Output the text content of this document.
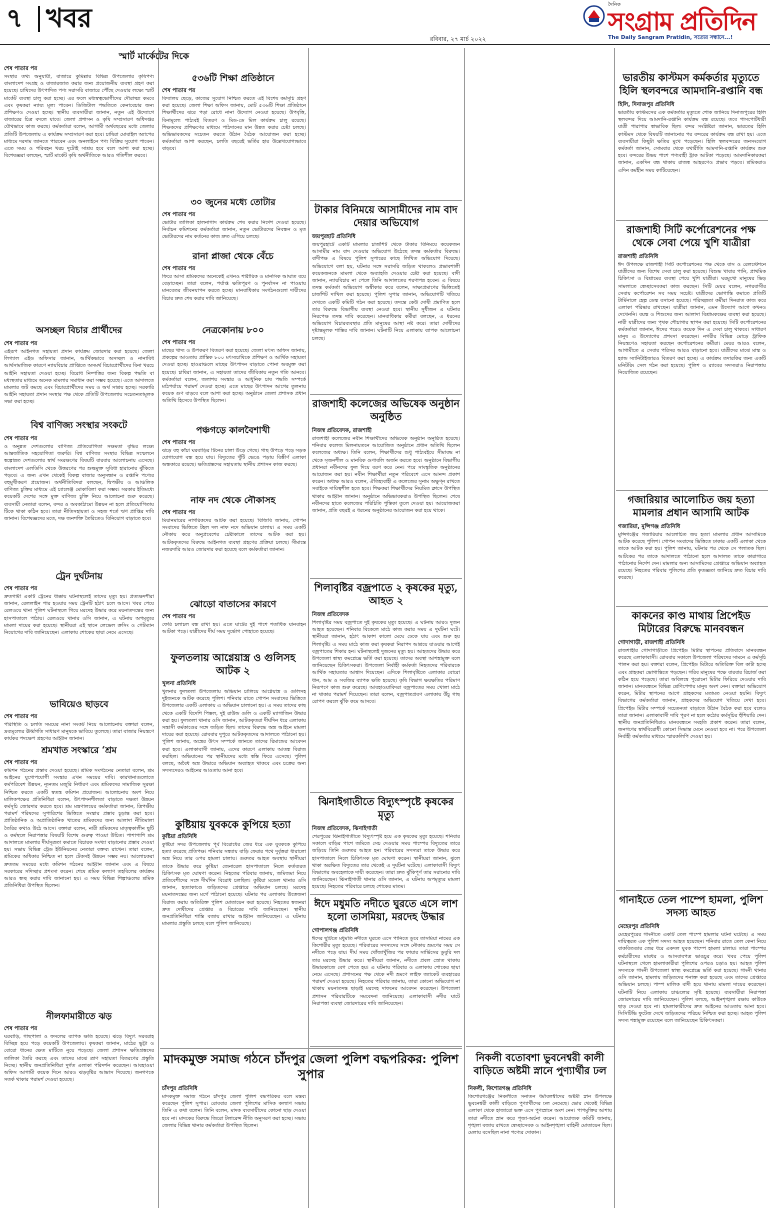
৭ খবর
রবিবার, ২৭ মার্চ ২০২২
দৈনিক
সংগ্রাম প্রতিদিন
The Daily Sangram Pratidin, সত্যের সন্ধানে...!
স্মার্ট মার্কেটের দিকে
শেষ পাতার পর
সংস্থার তথ্য অনুযায়ী, বাজারে কুমিল্লার বিভিন্ন উপজেলার কৃষিপণ্য বাংলাদেশ সংগ্রহ ও বাজারজাত করার জন্য প্রয়োজনীয় ব্যবস্থা গ্রহণ করা হয়েছে। চাষিদের উৎপাদিত পণ্য সরাসরি বাজারে পৌঁছে দেওয়ার লক্ষ্যে স্মার্ট মার্কেট ব্যবস্থা চালু করা হচ্ছে। এর ফলে মধ্যস্বত্বভোগীদের দৌরাত্ম্য কমবে এবং কৃষকরা ন্যায্য মূল্য পাবেন। ডিজিটাল পদ্ধতিতে কেনাবেচার জন্য প্রশিক্ষণও দেওয়া হচ্ছে। স্থানীয় ব্যবসায়ীরা জানান, নতুন এই উদ্যোগে বাজারের চিত্র বদলে যাবে। জেলা প্রশাসন ও কৃষি সম্প্রসারণ অধিদপ্তর যৌথভাবে কাজ করছে। কর্মকর্তারা বলেন, আগামী অর্থবছরের মধ্যে জেলার প্রতিটি উপজেলায় এ কার্যক্রম সম্প্রসারণ করা হবে। চাষিরা মোবাইল অ্যাপের মাধ্যমে দরদাম জানতে পারবেন এবং অনলাইনে পণ্য বিক্রির সুযোগ পাবেন। এতে সময় ও পরিবহন খরচ দুটোই সাশ্রয় হবে বলে আশা করা হচ্ছে। বিশেষজ্ঞরা বলছেন, স্মার্ট মার্কেট কৃষি অর্থনীতিকে আরও গতিশীল করবে।
অসচ্ছল বিচার প্রার্থীদের
শেষ পাতার পর
এইরূপ আইনগত সহায়তা প্রদান কার্যক্রম জোরদার করা হয়েছে। জেলা লিগ্যাল এইড অফিসার জানান, আর্থিকভাবে অসচ্ছল ও নানাবিধ আর্থসামাজিক কারণে ন্যায়বিচার প্রাপ্তিতে অসমর্থ বিচারপ্রার্থীদের বিনা খরচে আইনি সহায়তা দেওয়া হচ্ছে। বিরোধ নিষ্পত্তির জন্য বিকল্প পদ্ধতি বা মধ্যস্থতার মাধ্যমে অনেক মামলার সমাধান করা সম্ভব হয়েছে। এতে আদালতে মামলার জট কমছে এবং বিচারপ্রার্থীদের সময় ও অর্থ সাশ্রয় হচ্ছে। সরকারি আইনি সহায়তা প্রদান সংস্থার পক্ষ থেকে প্রতিটি উপজেলায় সচেতনতামূলক সভা করা হচ্ছে।
বিশ্ব বাণিজ্য সংস্থার সংকটে
শেষ পাতার পর
ও অনুন্নত দেশগুলোর বাণিজ্য প্রতিযোগিতা সক্ষমতা বৃদ্ধির লক্ষ্যে আন্তর্জাতিক সহযোগিতা জরুরি। বিশ্ব বাণিজ্য সংস্থার বিভিন্ন সম্মেলনে স্বল্পোন্নত দেশগুলোর স্বার্থ সংরক্ষণের বিষয়টি বারবার আলোচনায় এসেছে। বাংলাদেশ এলডিসি থেকে উত্তরণের পর শুল্কমুক্ত সুবিধা হারানোর ঝুঁকিতে পড়বে। এ জন্য এখন থেকেই বিকল্প বাজার অনুসন্ধান ও রপ্তানি পণ্যের বহুমুখীকরণ প্রয়োজন। অর্থনীতিবিদরা বলছেন, দ্বিপক্ষীয় ও আঞ্চলিক বাণিজ্য চুক্তির মাধ্যমে এই চ্যালেঞ্জ মোকাবিলা করা সম্ভব। সরকার ইতিমধ্যে কয়েকটি দেশের সঙ্গে মুক্ত বাণিজ্য চুক্তি নিয়ে আলোচনা শুরু করেছে। ব্যবসায়ী নেতারা বলেন, বন্দর ও অবকাঠামো উন্নয়ন না হলে প্রতিযোগিতায় টিকে থাকা কঠিন হবে। তারা নীতিসহায়তা ও সহজ শর্তে ঋণ প্রাপ্তির দাবি জানান। বিশেষজ্ঞদের মতে, দক্ষ জনশক্তি তৈরিতেও বিনিয়োগ বাড়াতে হবে।
ট্রেন দুর্ঘটনায়
শেষ পাতার পর
দ্রুতগামী একটি ট্রেনের ধাক্কায় ঘটনাস্থলেই তাদের মৃত্যু হয়। প্রত্যক্ষদর্শীরা জানান, রেললাইন পার হওয়ার সময় ট্রেনটি হঠাৎ চলে আসে। খবর পেয়ে রেলওয়ে থানা পুলিশ ঘটনাস্থলে গিয়ে মরদেহ উদ্ধার করে ময়নাতদন্তের জন্য হাসপাতালে পাঠায়। রেলওয়ে থানার ওসি জানান, এ ঘটনায় অপমৃত্যুর মামলা দায়ের করা হয়েছে। স্থানীয়রা এই স্থানে লেভেল ক্রসিং ও গেটম্যান নিয়োগের দাবি জানিয়েছেন। এলাকায় শোকের ছায়া নেমে এসেছে।
ভাবিয়েও ছাড়বে
শেষ পাতার পর
পরিস্থিতি ও চলতি সময়ের নানা সংকট নিয়ে আলোচনায় বক্তারা বলেন, দ্রব্যমূল্যের ঊর্ধ্বগতি সাধারণ মানুষকে ভাবিয়ে তুলেছে। তারা বাজার নিয়ন্ত্রণে কার্যকর পদক্ষেপ গ্রহণের আহ্বান জানান।
শ্রমখাত সংস্কারে ‘শ্রম
শেষ পাতার পর
কমিশন গঠনের প্রস্তাব দেওয়া হয়েছে। শ্রমিক সংগঠনের নেতারা বলেন, শ্রম আইনের যুগোপযোগী সংস্কার এখন সময়ের দাবি। কারখানাগুলোতে কর্মপরিবেশ উন্নয়ন, ন্যূনতম মজুরি নির্ধারণ এবং শ্রমিকদের সামাজিক সুরক্ষা নিশ্চিত করতে একটি স্বতন্ত্র কমিশন প্রয়োজন। আলোচনায় অংশ নিয়ে মালিকপক্ষের প্রতিনিধিরা বলেন, উৎপাদনশীলতা বাড়াতে দক্ষতা উন্নয়ন কর্মসূচি জোরদার করতে হবে। শ্রম মন্ত্রণালয়ের কর্মকর্তারা জানান, ত্রিপক্ষীয় পরামর্শ পরিষদের সুপারিশের ভিত্তিতে সংস্কার প্রস্তাব চূড়ান্ত করা হবে। প্রাতিষ্ঠানিক ও অপ্রাতিষ্ঠানিক খাতের শ্রমিকদের জন্য আলাদা নীতিমালা তৈরির কথাও উঠে আসে। বক্তারা বলেন, নারী শ্রমিকদের মাতৃত্বকালীন ছুটি ও কর্মস্থলে নিরাপত্তার বিষয়টি বিশেষ গুরুত্ব পাওয়া উচিত। পাশাপাশি শ্রম আদালতে মামলার দীর্ঘসূত্রতা কমাতে বিচারক সংখ্যা বাড়ানোর প্রস্তাব দেওয়া হয়। সভায় বিভিন্ন ট্রেড ইউনিয়নের নেতারা বক্তব্য রাখেন। তারা বলেন, শ্রমিকের অধিকার নিশ্চিত না হলে টেকসই উন্নয়ন সম্ভব নয়। আলোচকরা দ্রুততম সময়ের মধ্যে কমিশন গঠনের আহ্বান জানান এবং এ বিষয়ে সরকারের সদিচ্ছার প্রশংসা করেন। শেষে শ্রমিক কল্যাণ তহবিলের কার্যক্রম আরও স্বচ্ছ করার দাবি জানানো হয়। এ সময় বিভিন্ন শিল্পাঞ্চলের শ্রমিক প্রতিনিধিরা উপস্থিত ছিলেন।
নীলফামারীতে ঝড়
শেষ পাতার পর
ঘরবাড়ি, গাছপালা ও ফসলের ব্যাপক ক্ষতি হয়েছে। ঝড়ে বিদ্যুৎ সরবরাহ বিচ্ছিন্ন হয়ে পড়ে কয়েকটি উপজেলায়। কৃষকরা জানান, মাঠের ভুট্টা ও বোরো ধানের ক্ষেত মাটিতে নুয়ে পড়েছে। জেলা প্রশাসন ক্ষতিগ্রস্তদের তালিকা তৈরি করছে এবং তাদের মাঝে ত্রাণ সহায়তা বিতরণের প্রস্তুতি নিচ্ছে। স্থানীয় জনপ্রতিনিধিরা দুর্গত এলাকা পরিদর্শন করেছেন। আবহাওয়া অফিস আগামী কয়েক দিনে আরও ঝড়বৃষ্টির আভাস দিয়েছে। জনগণকে সতর্ক থাকার পরামর্শ দেওয়া হয়েছে।
৫৩৬টি শিক্ষা প্রতিষ্ঠানে
শেষ পাতার পর
বিদ্যালয় ছেড়ে, কাজের সুযোগ নিশ্চিত করতে এই বিশেষ কর্মসূচি গ্রহণ করা হয়েছে। জেলা শিক্ষা অফিস জানায়, মোট ৫৩৬টি শিক্ষা প্রতিষ্ঠানে শিক্ষার্থীদের ঝরে পড়া রোধে নানা উদ্যোগ নেওয়া হয়েছে। উপবৃত্তি, বিনামূল্যে পাঠ্যবই বিতরণ ও মিড-ডে মিল কার্যক্রম চালু রয়েছে। শিক্ষকদের প্রশিক্ষণের মাধ্যমে পাঠদানের মান উন্নত করার চেষ্টা চলছে। অভিভাবকদের সচেতন করতে উঠান বৈঠক আয়োজন করা হচ্ছে। কর্মকর্তারা আশা করছেন, চলতি বছরেই ভর্তির হার উল্লেখযোগ্যভাবে বাড়বে।
৩০ জুনের মধ্যে তোটার
শেষ পাতার পর
ভোটার তালিকা হালনাগাদ কার্যক্রম শেষ করার নির্দেশ দেওয়া হয়েছে। নির্বাচন কমিশনের কর্মকর্তারা জানান, নতুন ভোটারদের নিবন্ধন ও মৃত ভোটারদের নাম কর্তনের কাজ দ্রুত এগিয়ে চলছে।
রানা প্লাজা থেকে বেঁচে
শেষ পাতার পর
ফিরে আসা শ্রমিকদের অনেকেই এখনও শারীরিক ও মানসিক আঘাত বয়ে বেড়াচ্ছেন। তারা বলেন, পর্যাপ্ত ক্ষতিপূরণ ও পুনর্বাসন না পাওয়ায় মানবেতর জীবনযাপন করতে হচ্ছে। মানবাধিকার সংগঠনগুলো দায়ীদের বিচার দ্রুত শেষ করার দাবি জানিয়েছে।
নেত্রকোনায় ৮০০
শেষ পাতার পর
মাছের খাদ্য ও উপকরণ বিতরণ করা হয়েছে। জেলা মৎস্য অফিস জানায়, প্রকল্পের আওতায় প্রান্তিক ৮০০ মৎস্যচাষিকে প্রশিক্ষণ ও আর্থিক সহায়তা দেওয়া হচ্ছে। হাওরাঞ্চলে মাছের উৎপাদন বাড়াতে পোনা অবমুক্ত করা হয়েছে। চাষিরা জানান, এ সহায়তা তাদের জীবিকায় নতুন গতি আনবে। কর্মকর্তারা বলেন, জলাশয় সংস্কার ও আধুনিক চাষ পদ্ধতি সম্পর্কে মাঠপর্যায়ে পরামর্শ দেওয়া হচ্ছে। এতে মাছের উৎপাদন আগের তুলনায় কয়েক গুণ বাড়বে বলে আশা করা হচ্ছে। অনুষ্ঠানে জেলা প্রশাসক প্রধান অতিথি হিসেবে উপস্থিত ছিলেন।
পঞ্চগড়ে কালবৈশাখী
শেষ পাতার পর
ঝড়ে বহু কাঁচা ঘরবাড়ির টিনের চালা উড়ে গেছে। গাছ উপড়ে পড়ে সড়ক যোগাযোগ বন্ধ হয়ে যায়। বিদ্যুতের খুঁটি ভেঙে পড়ায় বিস্তীর্ণ এলাকা অন্ধকারে রয়েছে। ক্ষতিগ্রস্তদের সহায়তায় স্থানীয় প্রশাসন কাজ করছে।
নাফ নদ থেকে নৌকাসহ
শেষ পাতার পর
মিয়ানমারের নাগরিকদের আটক করা হয়েছে। বিজিবি জানায়, গোপন সংবাদের ভিত্তিতে টহল দল নাফ নদে অভিযান চালায়। এ সময় একটি নৌকায় করে অনুপ্রবেশের চেষ্টাকালে তাদের আটক করা হয়। আটককৃতদের বিরুদ্ধে আইনগত ব্যবস্থা গ্রহণের প্রক্রিয়া চলছে। সীমান্তে নজরদারি আরও জোরদার করা হয়েছে বলে কর্মকর্তারা জানান।
ঝোড়ো বাতাসের কারণে
শেষ পাতার পর
ফেরি চলাচল বন্ধ রাখা হয়। এতে ঘাটের দুই পাশে শতাধিক যানবাহন আটকা পড়ে। যাত্রীদের দীর্ঘ সময় দুর্ভোগ পোহাতে হয়েছে।
ফুলতলায় আগ্নেয়াস্ত্র ও গুলিসহ আটক ২
খুলনা প্রতিনিধি
খুলনার ফুলতলা উপজেলায় অভিযান চালিয়ে আগ্নেয়াস্ত্র ও গুলিসহ দুইজনকে আটক করেছে পুলিশ। শনিবার রাতে গোপন সংবাদের ভিত্তিতে উপজেলার একটি এলাকায় এ অভিযান চালানো হয়। এ সময় তাদের কাছ থেকে একটি বিদেশি পিস্তল, দুই রাউন্ড গুলি ও একটি ম্যাগাজিন উদ্ধার করা হয়। ফুলতলা থানার ওসি জানান, আটককৃতরা দীর্ঘদিন ধরে এলাকায় সন্ত্রাসী কর্মকাণ্ডের সঙ্গে জড়িত ছিল। তাদের বিরুদ্ধে অস্ত্র আইনে মামলা দায়ের করা হয়েছে। রোববার দুপুরে আটককৃতদের আদালতে পাঠানো হয়। পুলিশ জানায়, অস্ত্রের উৎস সম্পর্কে জানতে তাদের রিমান্ডের আবেদন করা হবে। এলাকাবাসী জানায়, এদের কারণে এলাকায় আতঙ্ক বিরাজ করছিল। অভিযানের পর স্থানীয়দের মধ্যে স্বস্তি ফিরে এসেছে। পুলিশ বলছে, অবৈধ অস্ত্র উদ্ধারে অভিযান অব্যাহত থাকবে এবং চক্রের অন্য সদস্যদেরও আইনের আওতায় আনা হবে।
কুষ্টিয়ায় যুবককে কুপিয়ে হত্যা
কুষ্টিয়া প্রতিনিধি
কুষ্টিয়া সদর উপজেলায় পূর্ব বিরোধের জের ধরে এক যুবককে কুপিয়ে হত্যা করেছে প্রতিপক্ষ। শনিবার সন্ধ্যায় বাড়ি ফেরার পথে দুর্বৃত্তরা ধারালো অস্ত্র নিয়ে তার ওপর হামলা চালায়। গুরুতর আহত অবস্থায় স্থানীয়রা তাকে উদ্ধার করে কুষ্টিয়া জেনারেল হাসপাতালে নিলে কর্তব্যরত চিকিৎসক মৃত ঘোষণা করেন। নিহতের পরিবার জানায়, জমিজমা নিয়ে প্রতিবেশীদের সঙ্গে দীর্ঘদিন বিরোধ চলছিল। কুষ্টিয়া মডেল থানার ওসি জানান, হত্যাকাণ্ডে জড়িতদের গ্রেপ্তারে অভিযান চলছে। মরদেহ ময়নাতদন্তের জন্য মর্গে পাঠানো হয়েছে। ঘটনার পর এলাকায় উত্তেজনা বিরাজ করায় অতিরিক্ত পুলিশ মোতায়েন করা হয়েছে। নিহতের স্বজনরা দ্রুত দোষীদের গ্রেপ্তার ও বিচারের দাবি জানিয়েছেন। স্থানীয় জনপ্রতিনিধিরা শান্তি বজায় রাখার আহ্বান জানিয়েছেন। এ ঘটনায় মামলার প্রস্তুতি চলছে বলে পুলিশ জানিয়েছে।
মাদকমুক্ত সমাজ গঠনে চাঁদপুর জেলা পুলিশ বদ্ধপরিকর: পুলিশ সুপার
চাঁদপুর প্রতিনিধি
মাদকমুক্ত সমাজ গঠনে চাঁদপুর জেলা পুলিশ বদ্ধপরিকর বলে মন্তব্য করেছেন পুলিশ সুপার। রোববার জেলা পুলিশের মাসিক কল্যাণ সভায় তিনি এ কথা বলেন। তিনি বলেন, মাদক ব্যবসায়ীদের কোনো ছাড় দেওয়া হবে না। মাদকের বিরুদ্ধে জিরো টলারেন্স নীতি অনুসরণ করা হচ্ছে। সভায় জেলার বিভিন্ন থানার কর্মকর্তারা উপস্থিত ছিলেন।
টাকার বিনিময়ে আসামীদের নাম বাদ দেয়ার অভিযোগ
জয়পুরহাট প্রতিনিধি
জয়পুরহাটে একটি মামলার চার্জশিট থেকে টাকার বিনিময়ে কয়েকজন আসামীর নাম বাদ দেওয়ার অভিযোগ উঠেছে তদন্ত কর্মকর্তার বিরুদ্ধে। বাদীপক্ষ এ বিষয়ে পুলিশ সুপারের কাছে লিখিত অভিযোগ দিয়েছে। অভিযোগে বলা হয়, ঘটনার সঙ্গে সরাসরি জড়িত থাকলেও প্রভাবশালী কয়েকজনকে মামলা থেকে অব্যাহতি দেওয়ার চেষ্টা করা হয়েছে। বাদী জানান, ন্যায়বিচার না পেলে তিনি আদালতের শরণাপন্ন হবেন। এ বিষয়ে তদন্ত কর্মকর্তা অভিযোগ অস্বীকার করে বলেন, সাক্ষ্যপ্রমাণের ভিত্তিতেই চার্জশিট দাখিল করা হয়েছে। পুলিশ সুপার জানান, অভিযোগটি খতিয়ে দেখতে একটি কমিটি গঠন করা হয়েছে। তদন্তে কেউ দোষী প্রমাণিত হলে তার বিরুদ্ধে বিভাগীয় ব্যবস্থা নেওয়া হবে। স্থানীয় সুধীজন এ ঘটনার নিরপেক্ষ তদন্ত দাবি করেছেন। মানবাধিকার কর্মীরা বলছেন, এ ধরনের অভিযোগ বিচারব্যবস্থার প্রতি মানুষের আস্থা নষ্ট করে। তারা দোষীদের দৃষ্টান্তমূলক শাস্তির দাবি জানান। ঘটনাটি নিয়ে এলাকায় ব্যাপক আলোচনা চলছে।
রাজশাহী কলেজের অভিষেক অনুষ্ঠান অনুষ্ঠিত
নিজস্ব প্রতিবেদক, রাজশাহী
রাজশাহী কলেজের নবীন শিক্ষার্থীদের অভিষেক অনুষ্ঠান অনুষ্ঠিত হয়েছে। শনিবার কলেজ মিলনায়তনে আয়োজিত অনুষ্ঠানে প্রধান অতিথি ছিলেন কলেজের অধ্যক্ষ। তিনি বলেন, শিক্ষার্থীদের শুধু পাঠ্যবইয়ে সীমাবদ্ধ না থেকে সৃজনশীল ও মানবিক গুণাবলি অর্জন করতে হবে। অনুষ্ঠানে বিভাগীয় প্রধানরা নবীনদের ফুল দিয়ে বরণ করে নেন। পরে সাংস্কৃতিক অনুষ্ঠানের আয়োজন করা হয়। নবীন শিক্ষার্থীরা নতুন পরিবেশে এসে আনন্দ প্রকাশ করেন। অধ্যক্ষ আরও বলেন, ঐতিহ্যবাহী এ কলেজের সুনাম অক্ষুণ্ন রাখতে সবাইকে দায়িত্বশীল হতে হবে। শিক্ষকরা শিক্ষার্থীদের নিয়মিত ক্লাসে উপস্থিত থাকার আহ্বান জানান। অনুষ্ঠানে অভিভাবকরাও উপস্থিত ছিলেন। শেষে নবীনদের হাতে কলেজের পরিচিতি পুস্তিকা তুলে দেওয়া হয়। আয়োজকরা জানান, প্রতি বছরই এ ধরনের অনুষ্ঠানের আয়োজন করা হয়ে থাকে।
শিলাবৃষ্টির বজ্রপাতে ২ কৃষকের মৃত্যু, আহত ২
নিজস্ব প্রতিবেদক
শিলাবৃষ্টির সময় বজ্রপাতে দুই কৃষকের মৃত্যু হয়েছে। এ ঘটনায় আরও দুজন আহত হয়েছেন। শনিবার বিকেলে মাঠে কাজ করার সময় এ দুর্ঘটনা ঘটে। স্থানীয়রা জানান, হঠাৎ আকাশ কালো মেঘে ঢেকে যায় এবং শুরু হয় শিলাবৃষ্টি। এ সময় মাঠে কাজ করা কৃষকরা নিরাপদ আশ্রয়ে যাওয়ার আগেই বজ্রপাতের শিকার হন। ঘটনাস্থলেই দুজনের মৃত্যু হয়। আহতদের উদ্ধার করে উপজেলা স্বাস্থ্য কমপ্লেক্সে ভর্তি করা হয়েছে। তাদের অবস্থা আশঙ্কামুক্ত বলে জানিয়েছেন চিকিৎসকরা। উপজেলা নির্বাহী কর্মকর্তা নিহতদের পরিবারকে আর্থিক সহায়তার আশ্বাস দিয়েছেন। এদিকে শিলাবৃষ্টিতে এলাকার বোরো ধান, আম ও সবজির ব্যাপক ক্ষতি হয়েছে। কৃষি বিভাগ ক্ষয়ক্ষতির পরিমাণ নিরূপণে কাজ শুরু করেছে। আবহাওয়াবিদরা বজ্রপাতের সময় খোলা মাঠে না থাকার পরামর্শ দিয়েছেন। তারা বলেন, বজ্রপাতপ্রবণ এলাকায় উঁচু গাছ রোপণ করলে ঝুঁকি কমে আসবে।
ঝিনাইগাতীতে বিদ্যুৎস্পৃষ্টে কৃষকের মৃত্যু
নিজস্ব প্রতিবেদক, ঝিনাইগাতী
শেরপুরের ঝিনাইগাতীতে বিদ্যুৎস্পৃষ্ট হয়ে এক কৃষকের মৃত্যু হয়েছে। শনিবার সকালে বাড়ির পাশে জমিতে সেচ দেওয়ার সময় পাম্পের বিদ্যুতের তারে জড়িয়ে তিনি গুরুতর আহত হন। পরিবারের সদস্যরা তাকে উদ্ধার করে হাসপাতালে নিলে চিকিৎসক মৃত ঘোষণা করেন। স্থানীয়রা জানান, ঝুলে থাকা অরক্ষিত বিদ্যুতের তার থেকেই এ দুর্ঘটনা ঘটেছে। এলাকাবাসী বিদ্যুৎ বিভাগের অবহেলাকে দায়ী করেছেন। তারা দ্রুত ঝুঁকিপূর্ণ তার সরানোর দাবি জানিয়েছেন। ঝিনাইগাতী থানার ওসি জানান, এ ঘটনায় অপমৃত্যুর মামলা হয়েছে। নিহতের পরিবারে চলছে শোকের মাতম।
ঈদে মধুমতি নদীতে ঘুরতে এসে লাশ হলো তাসমিয়া, মরদেহ উদ্ধার
গোপালগঞ্জ প্রতিনিধি
ঈদের ছুটিতে মধুমতি নদীতে ঘুরতে এসে পানিতে ডুবে তাসমিয়া নামের এক কিশোরীর মৃত্যু হয়েছে। পরিবারের সদস্যদের সঙ্গে নৌকায় ভ্রমণের সময় সে নদীতে পড়ে যায়। দীর্ঘ সময় খোঁজাখুঁজির পর ফায়ার সার্ভিসের ডুবুরি দল তার মরদেহ উদ্ধার করে। স্থানীয়রা জানান, নদীতে প্রবল স্রোত থাকায় উদ্ধারকাজে বেগ পেতে হয়। এ ঘটনায় পরিবার ও এলাকায় শোকের ছায়া নেমে এসেছে। প্রশাসনের পক্ষ থেকে নদী ভ্রমণে লাইফ জ্যাকেট ব্যবহারের পরামর্শ দেওয়া হয়েছে। নিহতের পরিবার জানায়, তারা কোনো অভিযোগ না থাকায় ময়নাতদন্ত ছাড়াই মরদেহ দাফনের আবেদন করেছেন। উপজেলা প্রশাসন পরিবারটিকে সমবেদনা জানিয়েছে। এলাকাবাসী নদীর ঘাটে নিরাপত্তা ব্যবস্থা জোরদারের দাবি জানিয়েছেন।
নিকলী বতোবশা ভুবনেশ্বরী কালী বাড়িতে অষ্টমী স্নানে পুণ্যার্থীর ঢল
নিকলী, কিশোরগঞ্জ প্রতিনিধি
কিশোরগঞ্জের নিকলীতে সনাতন ধর্মাবলম্বীদের অষ্টমী স্নান উপলক্ষে ভুবনেশ্বরী কালী বাড়িতে পুণ্যার্থীদের ঢল নেমেছে। ভোর থেকেই বিভিন্ন এলাকা থেকে হাজারো ভক্ত এসে পুণ্যস্নানে অংশ নেন। পাপমুক্তির আশায় তারা নদীতে স্নান করে পূজা-অর্চনা করেন। আয়োজক কমিটি জানায়, শৃঙ্খলা বজায় রাখতে স্বেচ্ছাসেবক ও আইনশৃঙ্খলা বাহিনী মোতায়েন ছিল। মেলায় বসেছিল নানা পণ্যের দোকান।
ভারতীয় কাস্টমস কর্মকর্তার মৃত্যুতে হিলি স্থলবন্দরে আমদানি-রপ্তানি বন্ধ
হিলি, দিনাজপুর প্রতিনিধি
ভারতীয় কাস্টমসের এক কর্মকর্তার মৃত্যুতে শোক জানিয়ে দিনাজপুরের হিলি স্থলবন্দর দিয়ে আমদানি-রপ্তানি কার্যক্রম বন্ধ রয়েছে। তবে পাসপোর্টধারী যাত্রী পারাপার স্বাভাবিক ছিল। বন্দর সংশ্লিষ্টরা জানান, ভারতের হিলি কাস্টমস থেকে বিষয়টি জানানোর পর বন্দরের কার্যক্রম বন্ধ রাখা হয়। এতে ব্যবসায়ীরা কিছুটা ক্ষতির মুখে পড়েছেন। হিলি স্থলবন্দরের জনসংযোগ কর্মকর্তা জানান, সোমবার থেকে যথারীতি আমদানি-রপ্তানি কার্যক্রম শুরু হবে। বন্দরের উভয় পাশে পণ্যবাহী ট্রাক আটকা পড়েছে। আমদানিকারকরা জানান, একদিন বন্ধ থাকায় রাজস্ব আহরণেও প্রভাব পড়বে। শ্রমিকরাও এদিন কর্মহীন সময় কাটিয়েছেন।
রাজশাহী সিটি কর্পোরেশনের পক্ষ থেকে সেবা পেয়ে খুশি যাত্রীরা
রাজশাহী প্রতিনিধি
ঈদ উপলক্ষে রাজশাহী সিটি কর্পোরেশনের পক্ষ থেকে বাস ও রেলস্টেশনে যাত্রীদের জন্য বিশেষ সেবা চালু করা হয়েছে। বিশুদ্ধ খাবার পানি, প্রাথমিক চিকিৎসা ও বিশ্রামের ব্যবস্থা পেয়ে খুশি যাত্রীরা। ঘরমুখো মানুষের ভিড় সামলাতে স্বেচ্ছাসেবকরা কাজ করছেন। সিটি মেয়র বলেন, নগরবাসীর সেবায় কর্পোরেশন সব সময় সচেষ্ট। যাত্রীদের ভোগান্তি কমাতে প্রতিটি টার্মিনালে হেল্প ডেস্ক বসানো হয়েছে। পরিচ্ছন্নতা কর্মীরা দিনরাত কাজ করে এলাকা পরিষ্কার রাখছেন। যাত্রীরা জানান, এমন উদ্যোগ আগে কখনও দেখেননি। বয়স্ক ও শিশুদের জন্য আলাদা বিশ্রামকক্ষের ব্যবস্থা করা হয়েছে। নারী যাত্রীদের জন্য পৃথক শৌচাগার স্থাপন করা হয়েছে। সিটি কর্পোরেশনের কর্মকর্তারা জানান, ঈদের পরেও কয়েক দিন এ সেবা চালু থাকবে। সাধারণ মানুষ এ উদ্যোগের প্রশংসা করেছেন। নগরীর বিভিন্ন মোড়ে ট্রাফিক নিয়ন্ত্রণেও সহায়তা করছেন কর্পোরেশনের কর্মীরা। মেয়র আরও বলেন, আগামীতে এ সেবার পরিসর আরও বাড়ানো হবে। যাত্রীদের মাঝে মাস্ক ও হ্যান্ড স্যানিটাইজারও বিতরণ করা হচ্ছে। এ কার্যক্রম তদারকির জন্য একটি মনিটরিং সেল গঠন করা হয়েছে। পুলিশ ও র‍্যাবের সদস্যরাও নিরাপত্তায় নিয়োজিত রয়েছেন।
গজারিয়ার আলোচিত জয় হত্যা মামলার প্রধান আসামি আটক
গজারিয়া, মুন্সিগঞ্জ প্রতিনিধি
মুন্সিগঞ্জের গজারিয়ার আলোচিত জয় হত্যা মামলার প্রধান আসামিকে আটক করেছে পুলিশ। গোপন সংবাদের ভিত্তিতে ঢাকার একটি এলাকা থেকে তাকে আটক করা হয়। পুলিশ জানায়, ঘটনার পর থেকে সে পলাতক ছিল। আটকের পর তাকে আদালতে পাঠানো হলে আদালত তাকে কারাগারে পাঠানোর নির্দেশ দেন। মামলার অন্য আসামিদের গ্রেপ্তারে অভিযান অব্যাহত রয়েছে। নিহতের পরিবার পুলিশের প্রতি কৃতজ্ঞতা জানিয়ে দ্রুত বিচার দাবি করেছে।
কাকনের কাণ্ড মাথায় প্রিপেইড মিটারের বিরুদ্ধে মানববন্ধন
গোদাগাড়ী, রাজশাহী প্রতিনিধি
রাজশাহীর গোদাগাড়ীতে প্রিপেইড মিটার স্থাপনের প্রতিবাদে মানববন্ধন করেছে এলাকাবাসী। রোববার সকালে উপজেলা পরিষদের সামনে এ কর্মসূচি পালন করা হয়। বক্তারা বলেন, প্রিপেইড মিটারে অতিরিক্ত বিল কাটা হচ্ছে এবং গ্রাহকরা ভোগান্তিতে পড়ছেন। গরিব মানুষের পক্ষে বারবার রিচার্জ করা কঠিন হয়ে পড়েছে। তারা অবিলম্বে পুরোনো মিটার ফিরিয়ে দেওয়ার দাবি জানান। মানববন্ধনে বিভিন্ন শ্রেণিপেশার মানুষ অংশ নেন। বক্তারা অভিযোগ করেন, মিটার স্থাপনের আগে গ্রাহকদের মতামত নেওয়া হয়নি। বিদ্যুৎ বিভাগের কর্মকর্তারা জানান, গ্রাহকদের অভিযোগ খতিয়ে দেখা হবে। প্রিপেইড মিটার সম্পর্কে সচেতনতা বাড়াতে উঠান বৈঠক করা হবে বলেও তারা জানান। এলাকাবাসী দাবি পূরণ না হলে কঠোর কর্মসূচির হুঁশিয়ারি দেন। স্থানীয় জনপ্রতিনিধিরাও মানববন্ধনে সংহতি প্রকাশ করেন। তারা বলেন, জনগণের স্বার্থবিরোধী কোনো সিদ্ধান্ত মেনে নেওয়া হবে না। পরে উপজেলা নির্বাহী কর্মকর্তার মাধ্যমে স্মারকলিপি দেওয়া হয়।
গানাইতে তেল পাম্পে হামলা, পুলিশ সদস্য আহত
মেহেরপুর প্রতিনিধি
মেহেরপুরের গাংনীতে একটি তেল পাম্পে হামলার ঘটনা ঘটেছে। এ সময় দায়িত্বরত এক পুলিশ সদস্য আহত হয়েছেন। শনিবার রাতে তেল কেনা নিয়ে বাকবিতণ্ডার জের ধরে একদল যুবক পাম্পে হামলা চালায়। তারা পাম্পের কর্মচারীদের মারধর ও আসবাবপত্র ভাঙচুর করে। খবর পেয়ে পুলিশ ঘটনাস্থলে গেলে হামলাকারীরা পুলিশের ওপরও চড়াও হয়। আহত পুলিশ সদস্যকে গাংনী উপজেলা স্বাস্থ্য কমপ্লেক্সে ভর্তি করা হয়েছে। গাংনী থানার ওসি জানান, হামলায় জড়িতদের শনাক্ত করা হয়েছে এবং তাদের গ্রেপ্তারে অভিযান চলছে। পাম্প মালিক বাদী হয়ে থানায় মামলা দায়ের করেছেন। ঘটনাটি নিয়ে এলাকায় চাঞ্চল্যের সৃষ্টি হয়েছে। ব্যবসায়ীরা নিরাপত্তা জোরদারের দাবি জানিয়েছেন। পুলিশ বলছে, আইনশৃঙ্খলা রক্ষায় কাউকে ছাড় দেওয়া হবে না। হামলাকারীদের দ্রুত আইনের আওতায় আনা হবে। সিসিটিভি ফুটেজ দেখে জড়িতদের পরিচয় নিশ্চিত করা হচ্ছে। আহত পুলিশ সদস্য শঙ্কামুক্ত রয়েছেন বলে জানিয়েছেন চিকিৎসকরা।
